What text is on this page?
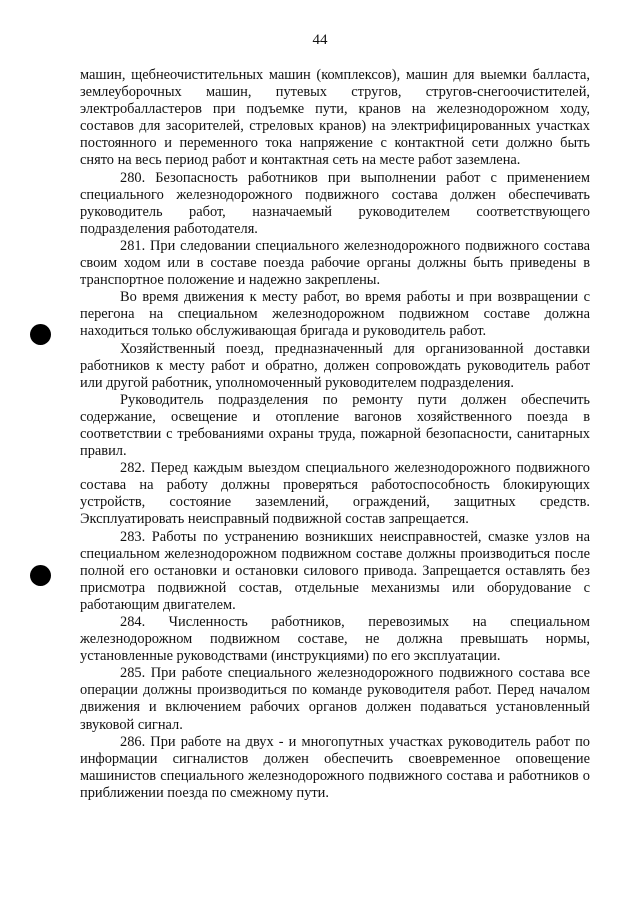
44

машин, щебнеочистительных машин (комплексов), машин для выемки балласта, землеуборочных машин, путевых стругов, стругов-снегоочистителей, электробалластеров при подъемке пути, кранов на железнодорожном ходу, составов для засорителей, стреловых кранов) на электрифицированных участках постоянного и переменного тока напряжение с контактной сети должно быть снято на весь период работ и контактная сеть на месте работ заземлена.

280. Безопасность работников при выполнении работ с применением специального железнодорожного подвижного состава должен обеспечивать руководитель работ, назначаемый руководителем соответствующего подразделения работодателя.

281. При следовании специального железнодорожного подвижного состава своим ходом или в составе поезда рабочие органы должны быть приведены в транспортное положение и надежно закреплены.

Во время движения к месту работ, во время работы и при возвращении с перегона на специальном железнодорожном подвижном составе должна находиться только обслуживающая бригада и руководитель работ.

Хозяйственный поезд, предназначенный для организованной доставки работников к месту работ и обратно, должен сопровождать руководитель работ или другой работник, уполномоченный руководителем подразделения.

Руководитель подразделения по ремонту пути должен обеспечить содержание, освещение и отопление вагонов хозяйственного поезда в соответствии с требованиями охраны труда, пожарной безопасности, санитарных правил.

282. Перед каждым выездом специального железнодорожного подвижного состава на работу должны проверяться работоспособность блокирующих устройств, состояние заземлений, ограждений, защитных средств. Эксплуатировать неисправный подвижной состав запрещается.

283. Работы по устранению возникших неисправностей, смазке узлов на специальном железнодорожном подвижном составе должны производиться после полной его остановки и остановки силового привода. Запрещается оставлять без присмотра подвижной состав, отдельные механизмы или оборудование с работающим двигателем.

284. Численность работников, перевозимых на специальном железнодорожном подвижном составе, не должна превышать нормы, установленные руководствами (инструкциями) по его эксплуатации.

285. При работе специального железнодорожного подвижного состава все операции должны производиться по команде руководителя работ. Перед началом движения и включением рабочих органов должен подаваться установленный звуковой сигнал.

286. При работе на двух - и многопутных участках руководитель работ по информации сигналистов должен обеспечить своевременное оповещение машинистов специального железнодорожного подвижного состава и работников о приближении поезда по смежному пути.
